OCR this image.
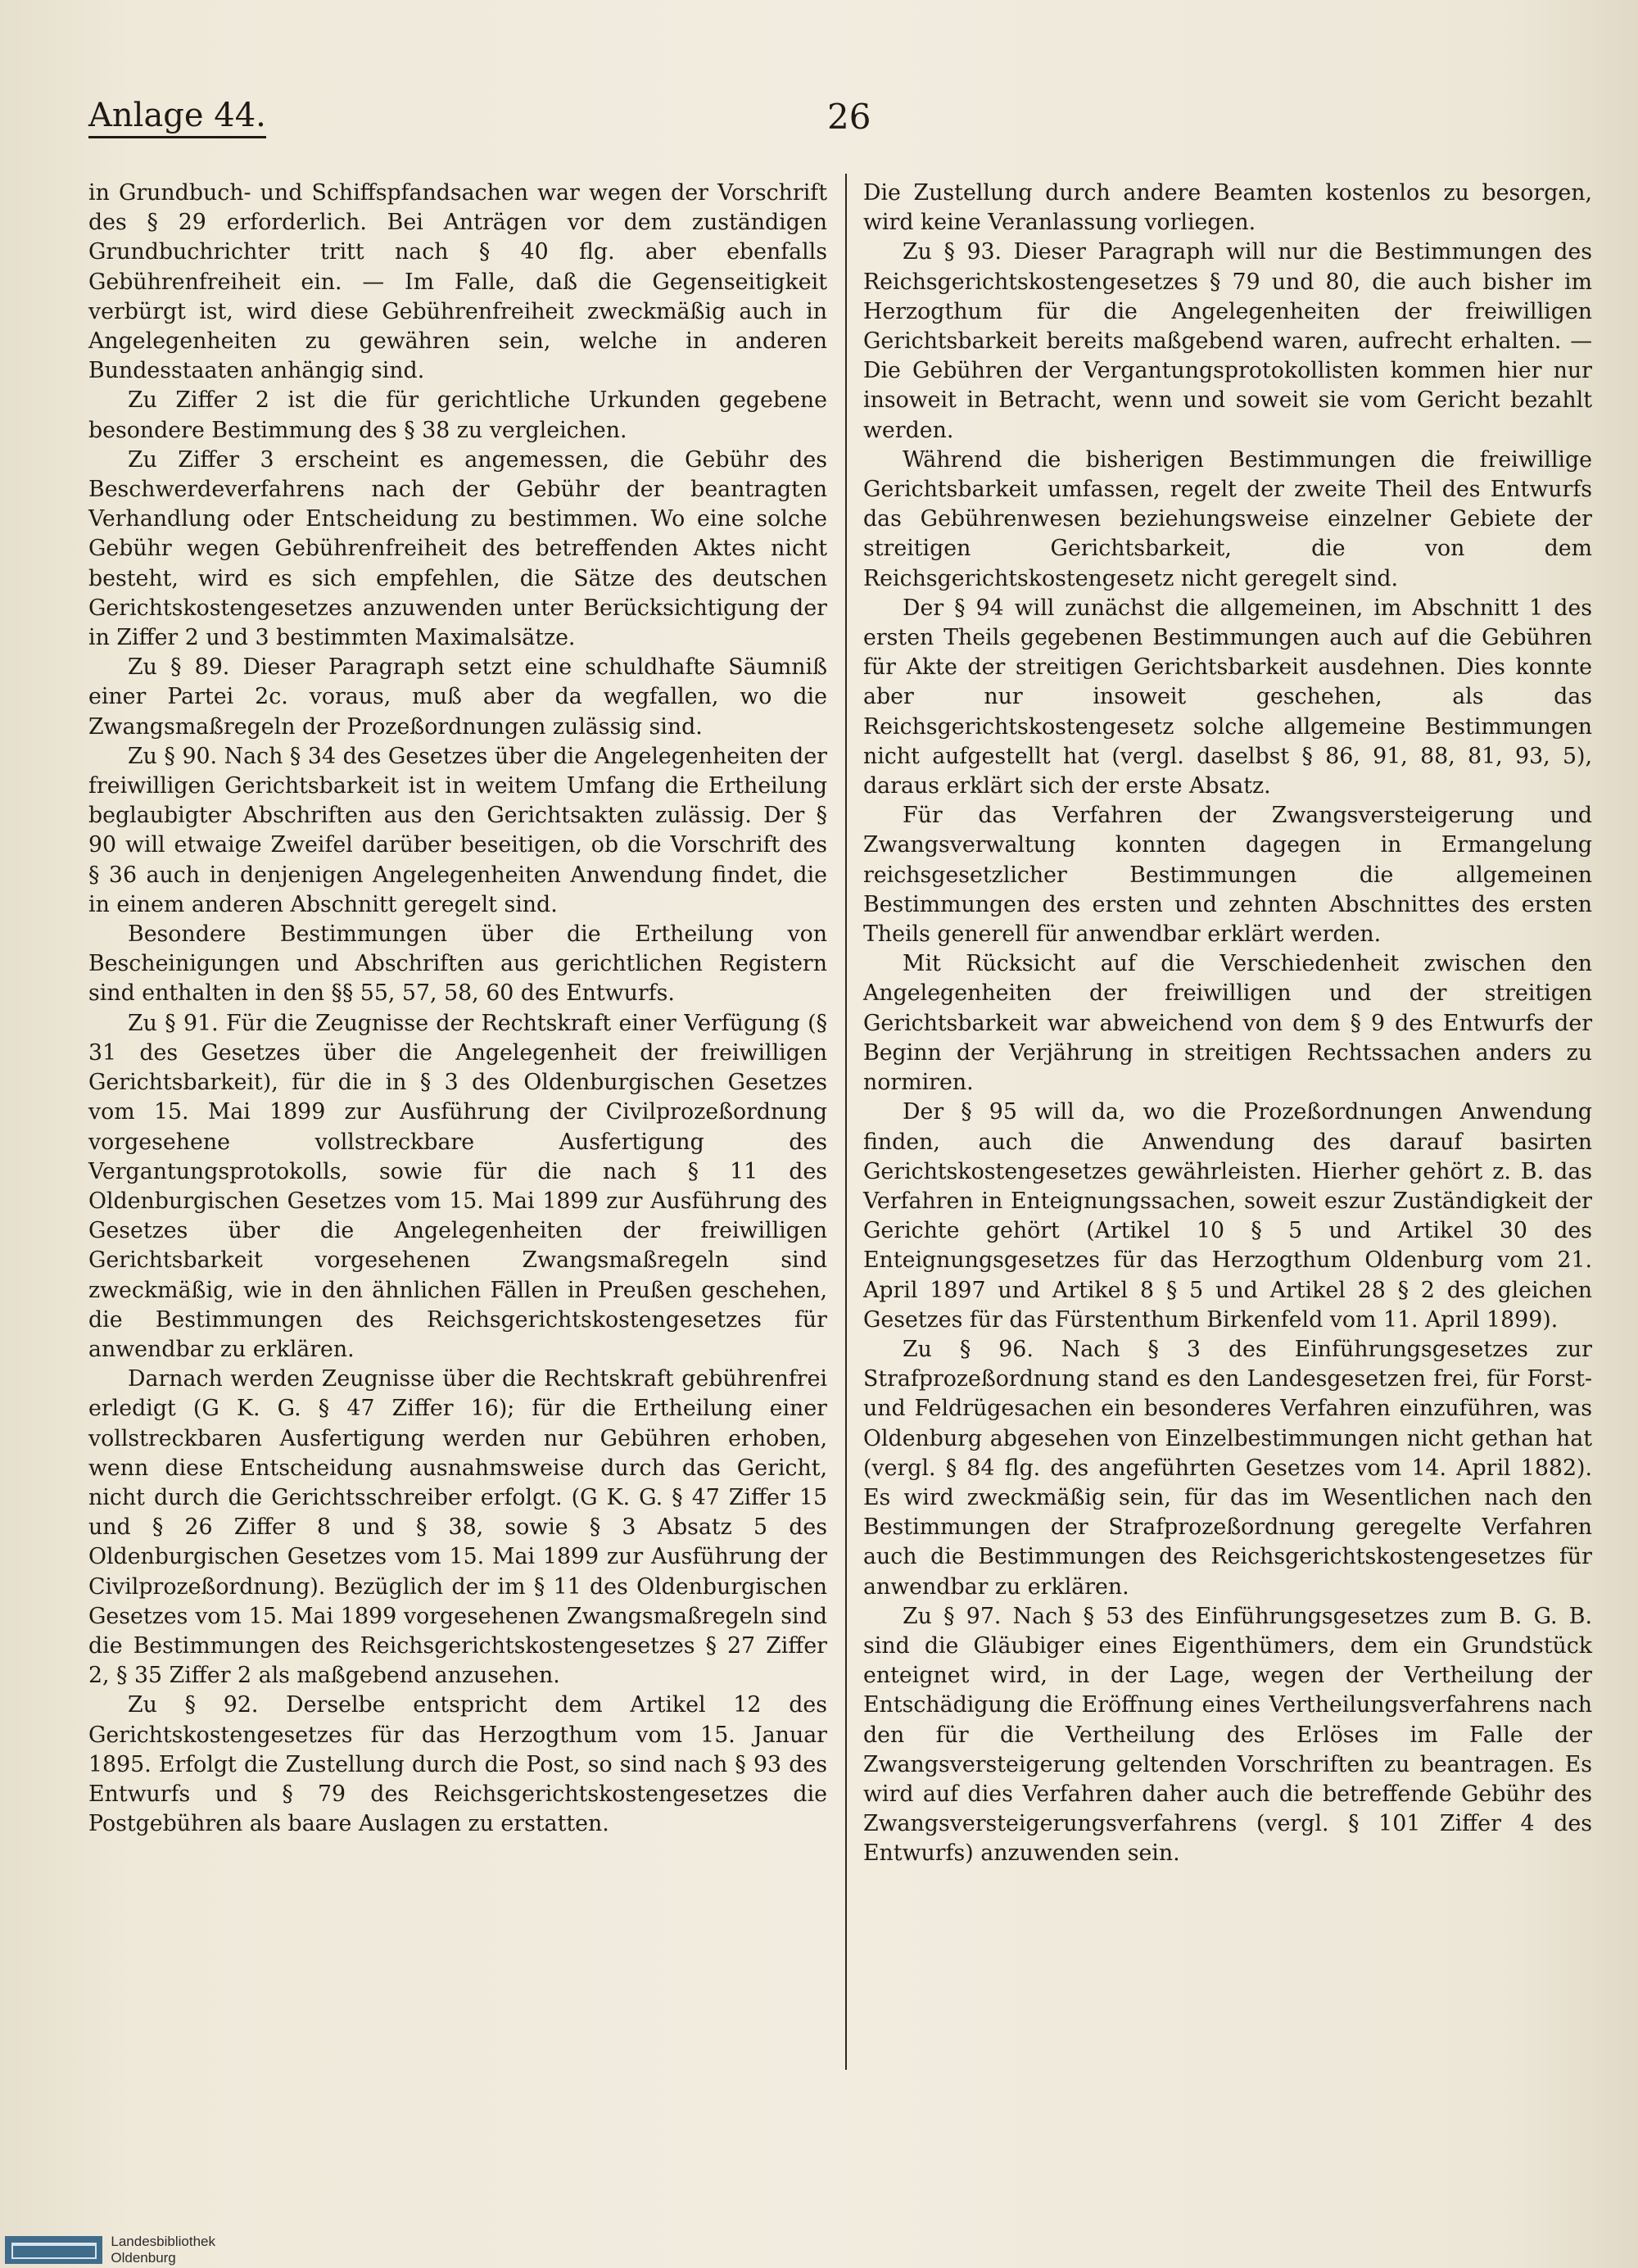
Anlage 44.	26

in Grundbuch- und Schiffspfandsachen war wegen der Vorschrift des § 29 erforderlich. Bei Anträgen vor dem zuständigen Grundbuchrichter tritt nach § 40 flg. aber ebenfalls Gebührenfreiheit ein. — Im Falle, daß die Gegenseitigkeit verbürgt ist, wird diese Gebührenfreiheit zweckmäßig auch in Angelegenheiten zu gewähren sein, welche in anderen Bundesstaaten anhängig sind.

Zu Ziffer 2 ist die für gerichtliche Urkunden gegebene besondere Bestimmung des § 38 zu vergleichen.

Zu Ziffer 3 erscheint es angemessen, die Gebühr des Beschwerdeverfahrens nach der Gebühr der beantragten Verhandlung oder Entscheidung zu bestimmen. Wo eine solche Gebühr wegen Gebührenfreiheit des betreffenden Aktes nicht besteht, wird es sich empfehlen, die Sätze des deutschen Gerichtskostengesetzes anzuwenden unter Berücksichtigung der in Ziffer 2 und 3 bestimmten Maximalsätze.

Zu § 89. Dieser Paragraph setzt eine schuldhafte Säumniß einer Partei 2c. voraus, muß aber da wegfallen, wo die Zwangsmaßregeln der Prozeßordnungen zulässig sind.

Zu § 90. Nach § 34 des Gesetzes über die Angelegenheiten der freiwilligen Gerichtsbarkeit ist in weitem Umfang die Ertheilung beglaubigter Abschriften aus den Gerichtsakten zulässig. Der § 90 will etwaige Zweifel darüber beseitigen, ob die Vorschrift des § 36 auch in denjenigen Angelegenheiten Anwendung findet, die in einem anderen Abschnitt geregelt sind.

Besondere Bestimmungen über die Ertheilung von Bescheinigungen und Abschriften aus gerichtlichen Registern sind enthalten in den §§ 55, 57, 58, 60 des Entwurfs.

Zu § 91. Für die Zeugnisse der Rechtskraft einer Verfügung (§ 31 des Gesetzes über die Angelegenheit der freiwilligen Gerichtsbarkeit), für die in § 3 des Oldenburgischen Gesetzes vom 15. Mai 1899 zur Ausführung der Civilprozeßordnung vorgesehene vollstreckbare Ausfertigung des Vergantungsprotokolls, sowie für die nach § 11 des Oldenburgischen Gesetzes vom 15. Mai 1899 zur Ausführung des Gesetzes über die Angelegenheiten der freiwilligen Gerichtsbarkeit vorgesehenen Zwangsmaßregeln sind zweckmäßig, wie in den ähnlichen Fällen in Preußen geschehen, die Bestimmungen des Reichsgerichtskostengesetzes für anwendbar zu erklären.

Darnach werden Zeugnisse über die Rechtskraft gebührenfrei erledigt (G K. G. § 47 Ziffer 16); für die Ertheilung einer vollstreckbaren Ausfertigung werden nur Gebühren erhoben, wenn diese Entscheidung ausnahmsweise durch das Gericht, nicht durch die Gerichtsschreiber erfolgt. (G K. G. § 47 Ziffer 15 und § 26 Ziffer 8 und § 38, sowie § 3 Absatz 5 des Oldenburgischen Gesetzes vom 15. Mai 1899 zur Ausführung der Civilprozeßordnung). Bezüglich der im § 11 des Oldenburgischen Gesetzes vom 15. Mai 1899 vorgesehenen Zwangsmaßregeln sind die Bestimmungen des Reichsgerichtskostengesetzes § 27 Ziffer 2, § 35 Ziffer 2 als maßgebend anzusehen.

Zu § 92. Derselbe entspricht dem Artikel 12 des Gerichtskostengesetzes für das Herzogthum vom 15. Januar 1895. Erfolgt die Zustellung durch die Post, so sind nach § 93 des Entwurfs und § 79 des Reichsgerichtskostengesetzes die Postgebühren als baare Auslagen zu erstatten.

Die Zustellung durch andere Beamten kostenlos zu besorgen, wird keine Veranlassung vorliegen.

Zu § 93. Dieser Paragraph will nur die Bestimmungen des Reichsgerichtskostengesetzes § 79 und 80, die auch bisher im Herzogthum für die Angelegenheiten der freiwilligen Gerichtsbarkeit bereits maßgebend waren, aufrecht erhalten. — Die Gebühren der Vergantungsprotokollisten kommen hier nur insoweit in Betracht, wenn und soweit sie vom Gericht bezahlt werden.

Während die bisherigen Bestimmungen die freiwillige Gerichtsbarkeit umfassen, regelt der zweite Theil des Entwurfs das Gebührenwesen beziehungsweise einzelner Gebiete der streitigen Gerichtsbarkeit, die von dem Reichsgerichtskostengesetz nicht geregelt sind.

Der § 94 will zunächst die allgemeinen, im Abschnitt 1 des ersten Theils gegebenen Bestimmungen auch auf die Gebühren für Akte der streitigen Gerichtsbarkeit ausdehnen. Dies konnte aber nur insoweit geschehen, als das Reichsgerichtskostengesetz solche allgemeine Bestimmungen nicht aufgestellt hat (vergl. daselbst § 86, 91, 88, 81, 93, 5), daraus erklärt sich der erste Absatz.

Für das Verfahren der Zwangsversteigerung und Zwangsverwaltung konnten dagegen in Ermangelung reichsgesetzlicher Bestimmungen die allgemeinen Bestimmungen des ersten und zehnten Abschnittes des ersten Theils generell für anwendbar erklärt werden.

Mit Rücksicht auf die Verschiedenheit zwischen den Angelegenheiten der freiwilligen und der streitigen Gerichtsbarkeit war abweichend von dem § 9 des Entwurfs der Beginn der Verjährung in streitigen Rechtssachen anders zu normiren.

Der § 95 will da, wo die Prozeßordnungen Anwendung finden, auch die Anwendung des darauf basirten Gerichtskostengesetzes gewährleisten. Hierher gehört z. B. das Verfahren in Enteignungssachen, soweit eszur Zuständigkeit der Gerichte gehört (Artikel 10 § 5 und Artikel 30 des Enteignungsgesetzes für das Herzogthum Oldenburg vom 21. April 1897 und Artikel 8 § 5 und Artikel 28 § 2 des gleichen Gesetzes für das Fürstenthum Birkenfeld vom 11. April 1899).

Zu § 96. Nach § 3 des Einführungsgesetzes zur Strafprozeßordnung stand es den Landesgesetzen frei, für Forst- und Feldrügesachen ein besonderes Verfahren einzuführen, was Oldenburg abgesehen von Einzelbestimmungen nicht gethan hat (vergl. § 84 flg. des angeführten Gesetzes vom 14. April 1882). Es wird zweckmäßig sein, für das im Wesentlichen nach den Bestimmungen der Strafprozeßordnung geregelte Verfahren auch die Bestimmungen des Reichsgerichtskostengesetzes für anwendbar zu erklären.

Zu § 97. Nach § 53 des Einführungsgesetzes zum B. G. B. sind die Gläubiger eines Eigenthümers, dem ein Grundstück enteignet wird, in der Lage, wegen der Vertheilung der Entschädigung die Eröffnung eines Vertheilungsverfahrens nach den für die Vertheilung des Erlöses im Falle der Zwangsversteigerung geltenden Vorschriften zu beantragen. Es wird auf dies Verfahren daher auch die betreffende Gebühr des Zwangsversteigerungsverfahrens (vergl. § 101 Ziffer 4 des Entwurfs) anzuwenden sein.

Landesbibliothek Oldenburg
